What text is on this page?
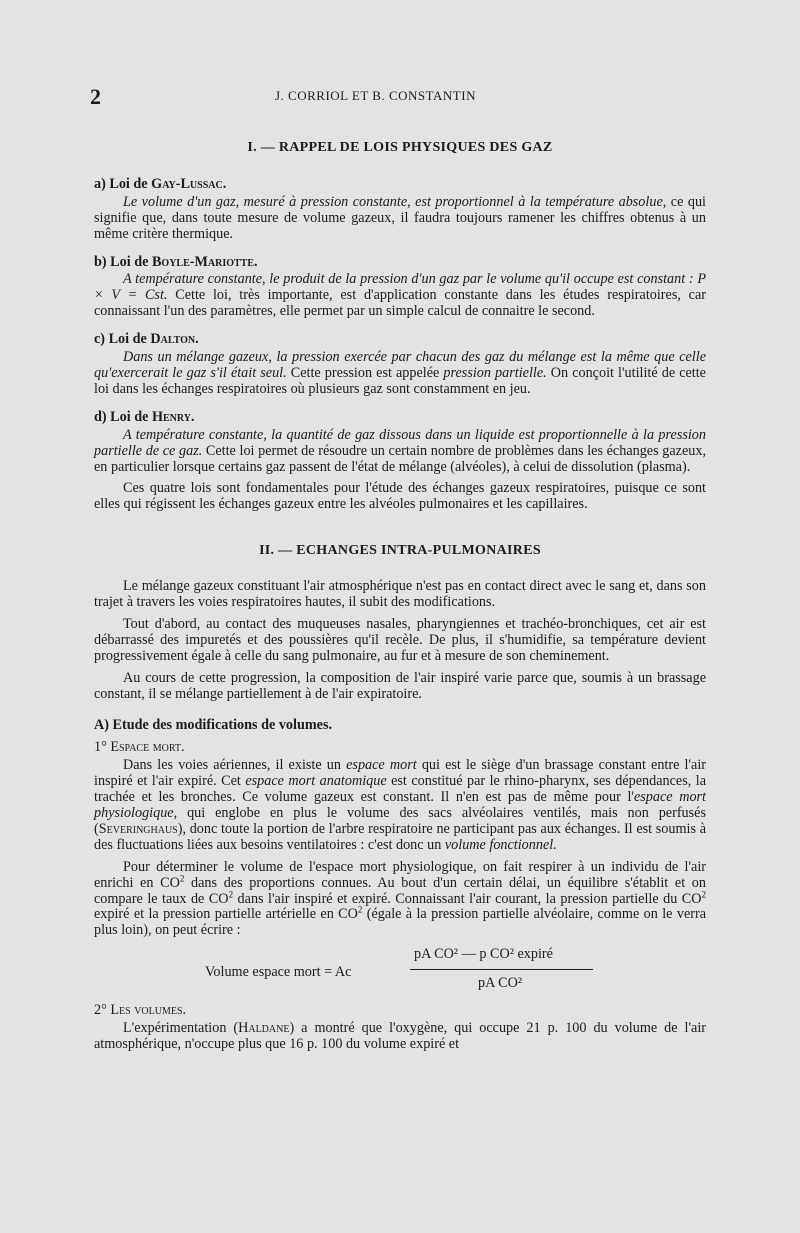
2	J. CORRIOL ET B. CONSTANTIN
I. — RAPPEL DE LOIS PHYSIQUES DES GAZ
a) Loi de Gay-Lussac.

Le volume d'un gaz, mesuré à pression constante, est proportionnel à la température absolue, ce qui signifie que, dans toute mesure de volume gazeux, il faudra toujours ramener les chiffres obtenus à un même critère thermique.

b) Loi de Boyle-Mariotte.

A température constante, le produit de la pression d'un gaz par le volume qu'il occupe est constant : P × V = Cst. Cette loi, très importante, est d'application constante dans les études respiratoires, car connaissant l'un des paramètres, elle permet par un simple calcul de connaitre le second.

c) Loi de Dalton.

Dans un mélange gazeux, la pression exercée par chacun des gaz du mélange est la même que celle qu'exercerait le gaz s'il était seul. Cette pression est appelée pression partielle. On conçoit l'utilité de cette loi dans les échanges respiratoires où plusieurs gaz sont constamment en jeu.

d) Loi de Henry.

A température constante, la quantité de gaz dissous dans un liquide est proportionnelle à la pression partielle de ce gaz. Cette loi permet de résoudre un certain nombre de problèmes dans les échanges gazeux, en particulier lorsque certains gaz passent de l'état de mélange (alvéoles), à celui de dissolution (plasma).

Ces quatre lois sont fondamentales pour l'étude des échanges gazeux respiratoires, puisque ce sont elles qui régissent les échanges gazeux entre les alvéoles pulmonaires et les capillaires.

II. — ECHANGES INTRA-PULMONAIRES

Le mélange gazeux constituant l'air atmosphérique n'est pas en contact direct avec le sang et, dans son trajet à travers les voies respiratoires hautes, il subit des modifications.

Tout d'abord, au contact des muqueuses nasales, pharyngiennes et trachéo-bronchiques, cet air est débarrassé des impuretés et des poussières qu'il recèle. De plus, il s'humidifie, sa température devient progressivement égale à celle du sang pulmonaire, au fur et à mesure de son cheminement.

Au cours de cette progression, la composition de l'air inspiré varie parce que, soumis à un brassage constant, il se mélange partiellement à de l'air expiratoire.

A) Etude des modifications de volumes.
1° Espace mort.

Dans les voies aériennes, il existe un espace mort qui est le siège d'un brassage constant entre l'air inspiré et l'air expiré. Cet espace mort anatomique est constitué par le rhino-pharynx, ses dépendances, la trachée et les bronches. Ce volume gazeux est constant. Il n'en est pas de même pour l'espace mort physiologique, qui englobe en plus le volume des sacs alvéolaires ventilés, mais non perfusés (Severinghaus), donc toute la portion de l'arbre respiratoire ne participant pas aux échanges. Il est soumis à des fluctuations liées aux besoins ventilatoires : c'est donc un volume fonctionnel.

Pour déterminer le volume de l'espace mort physiologique, on fait respirer à un individu de l'air enrichi en $CO^2$ dans des proportions connues. Au bout d'un certain délai, un équilibre s'établit et on compare le taux de $CO^2$ dans l'air inspiré et expiré. Connaissant l'air courant, la pression partielle du $CO^2$ expiré et la pression partielle artérielle en $CO^2$ (égale à la pression partielle alvéolaire, comme on le verra plus loin), on peut écrire :

Volume espace mort = Ac
pA CO² — p CO² expiré
pA CO²
2° Les volumes.

L'expérimentation (Haldane) a montré que l'oxygène, qui occupe 21 p. 100 du volume de l'air atmosphérique, n'occupe plus que 16 p. 100 du volume expiré et
